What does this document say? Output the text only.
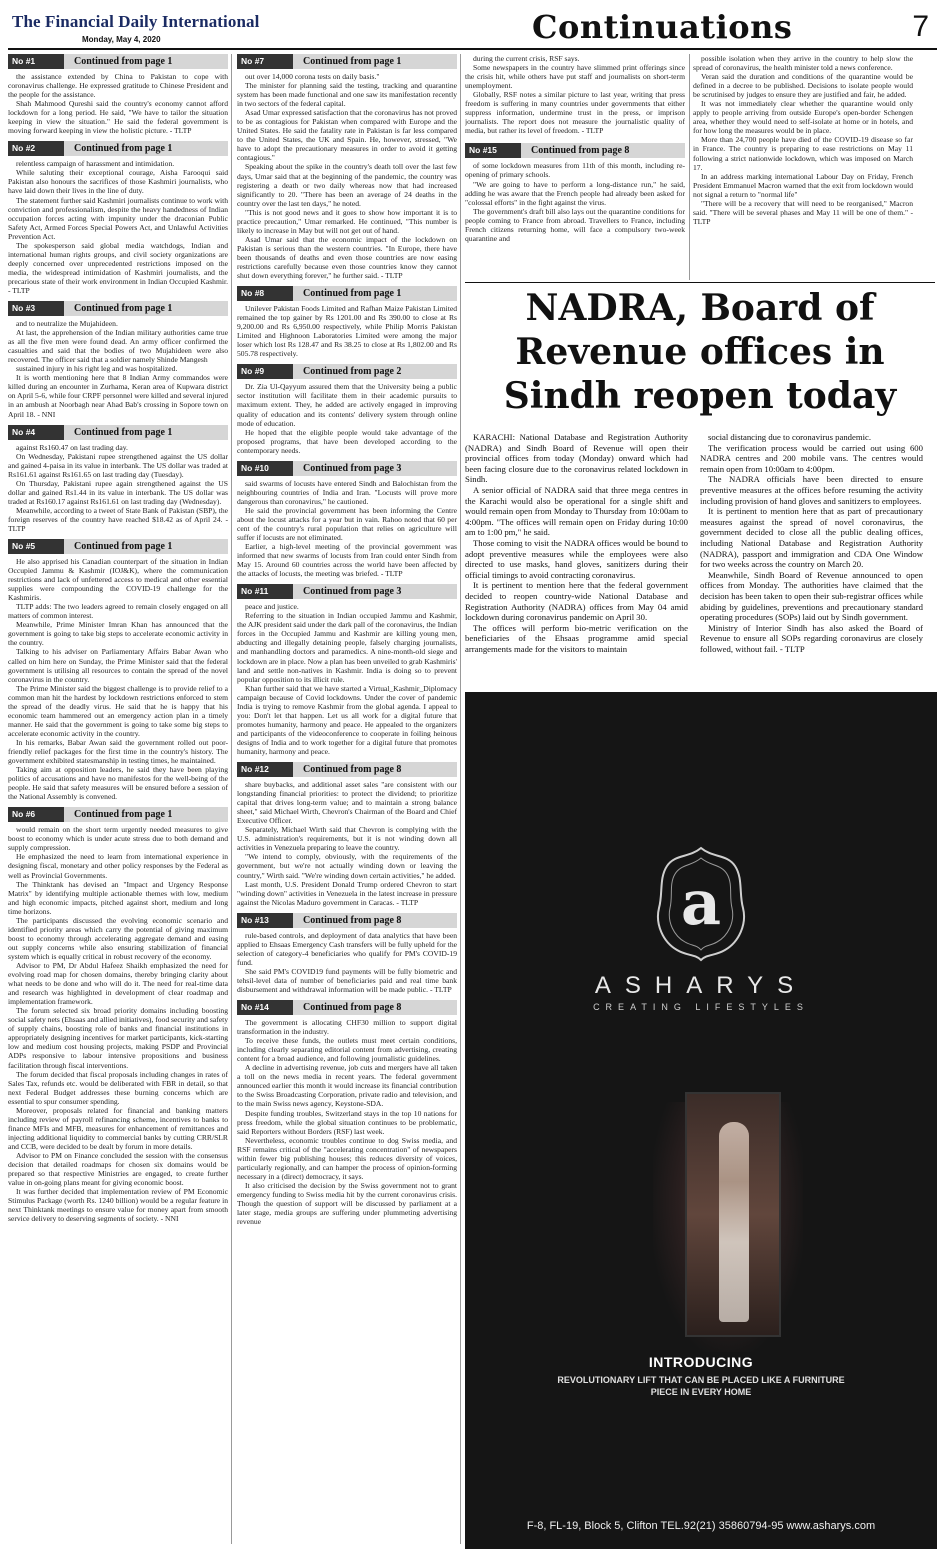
The Financial Daily International
Monday, May 4, 2020	Continuations	7
No #1	Continued from page 1

the assistance extended by China to Pakistan to cope with coronavirus challenge. He expressed gratitude to Chinese President and the people for the assistance.

Shah Mahmood Qureshi said the country's economy cannot afford lockdown for a long period. He said, "We have to tailor the situation keeping in view the situation." He said the federal government is moving forward keeping in view the holistic picture. - TLTP

No #2	Continued from page 1

relentless campaign of harassment and intimidation.

While saluting their exceptional courage, Aisha Farooqui said Pakistan also honours the sacrifices of those Kashmiri journalists, who have laid down their lives in the line of duty.

The statement further said Kashmiri journalists continue to work with conviction and professionalism, despite the heavy handedness of Indian occupation forces acting with impunity under the draconian Public Safety Act, Armed Forces Special Powers Act, and Unlawful Activities Prevention Act.

The spokesperson said global media watchdogs, Indian and international human rights groups, and civil society organizations are deeply concerned over unprecedented restrictions imposed on the media, the widespread intimidation of Kashmiri journalists, and the precarious state of their work environment in Indian Occupied Kashmir. - TLTP

No #3	Continued from page 1

and to neutralize the Mujahideen.

At last, the apprehension of the Indian military authorities came true as all the five men were found dead. An army officer confirmed the casualties and said that the bodies of two Mujahideen were also recovered. The officer said that a soldier namely Shinde Mangesh

sustained injury in his right leg and was hospitalized.

It is worth mentioning here that 8 Indian Army commandos were killed during an encounter in Zurhama, Keran area of Kupwara district on April 5-6, while four CRPF personnel were killed and several injured in an ambush at Noorbagh near Ahad Bab's crossing in Sopore town on April 18. - NNI

No #4	Continued from page 1

against Rs160.47 on last trading day.

On Wednesday, Pakistani rupee strengthened against the US dollar and gained 4-paisa in its value in interbank. The US dollar was traded at Rs161.61 against Rs161.65 on last trading day (Tuesday).

On Thursday, Pakistani rupee again strengthened against the US dollar and gained Rs1.44 in its value in interbank. The US dollar was traded at Rs160.17 against Rs161.61 on last trading day (Wednesday).

Meanwhile, according to a tweet of State Bank of Pakistan (SBP), the foreign reserves of the country have reached $18.42 as of April 24. - TLTP

No #5	Continued from page 1

He also apprised his Canadian counterpart of the situation in Indian Occupied Jammu & Kashmir (IOJ&K), where the communication restrictions and lack of unfettered access to medical and other essential supplies were compounding the COVID-19 challenge for the Kashmiris.

TLTP adds: The two leaders agreed to remain closely engaged on all matters of common interest.

Meanwhile, Prime Minister Imran Khan has announced that the government is going to take big steps to accelerate economic activity in the country.

Talking to his adviser on Parliamentary Affairs Babar Awan who called on him here on Sunday, the Prime Minister said that the federal government is utilising all resources to contain the spread of the novel coronavirus in the country.

The Prime Minister said the biggest challenge is to provide relief to a common man hit the hardest by lockdown restrictions enforced to stem the spread of the deadly virus. He said that he is happy that his economic team hammered out an emergency action plan in a timely manner. He said that the government is going to take some big steps to accelerate economic activity in the country.

In his remarks, Babar Awan said the government rolled out poor-friendly relief packages for the first time in the country's history. The government exhibited statesmanship in testing times, he maintained.

Taking aim at opposition leaders, he said they have been playing politics of accusations and have no manifestos for the well-being of the people. He said that safety measures will be ensured before a session of the National Assembly is convened.

No #6	Continued from page 1

would remain on the short term urgently needed measures to give boost to economy which is under acute stress due to both demand and supply compression.

He emphasized the need to learn from international experience in designing fiscal, monetary and other policy responses by the Federal as well as Provincial Governments.

The Thinktank has devised an "Impact and Urgency Response Matrix" by identifying multiple actionable themes with low, medium and high economic impacts, pitched against short, medium and long time horizons.

The participants discussed the evolving economic scenario and identified priority areas which carry the potential of giving maximum boost to economy through accelerating aggregate demand and easing out supply concerns while also ensuring stabilization of financial system which is equally critical in robust recovery of the economy.

Advisor to PM, Dr Abdul Hafeez Shaikh emphasized the need for evolving road map for chosen domains, thereby bringing clarity about what needs to be done and who will do it. The need for real-time data and research was highlighted in development of clear roadmap and implementation framework.

The forum selected six broad priority domains including boosting social safety nets (Ehsaas and allied initiatives), food security and safety of supply chains, boosting role of banks and financial institutions in appropriately designing incentives for market participants, kick-starting low and medium cost housing projects, making PSDP and Provincial ADPs responsive to labour intensive propositions and business facilitation through fiscal interventions.

The forum decided that fiscal proposals including changes in rates of Sales Tax, refunds etc. would be deliberated with FBR in detail, so that next Federal Budget addresses these burning concerns which are essential to spur consumer spending.

Moreover, proposals related for financial and banking matters including review of payroll refinancing scheme, incentives to banks to finance MFIs and MFB, measures for enhancement of remittances and injecting additional liquidity to commercial banks by cutting CRR/SLR and CCB, were decided to be dealt by forum in more details.

Advisor to PM on Finance concluded the session with the consensus decision that detailed roadmaps for chosen six domains would be prepared so that respective Ministries are engaged, to create further value in on-going plans meant for giving economic boost.

It was further decided that implementation review of PM Economic Stimulus Package (worth Rs. 1240 billion) would be a regular feature in next Thinktank meetings to ensure value for money apart from smooth service delivery to deserving segments of society. - NNI

No #7	Continued from page 1

out over 14,000 corona tests on daily basis."

The minister for planning said the testing, tracking and quarantine system has been made functional and one saw its manifestation recently in two sectors of the federal capital.

Asad Umar expressed satisfaction that the coronavirus has not proved to be as contagious for Pakistan when compared with Europe and the United States. He said the fatality rate in Pakistan is far less compared to the United States, the UK and Spain. He, however, stressed, "We have to adopt the precautionary measures in order to avoid it getting contagious."

Speaking about the spike in the country's death toll over the last few days, Umar said that at the beginning of the pandemic, the country was registering a death or two daily whereas now that had increased significantly to 20. "There has been an average of 24 deaths in the country over the last ten days," he noted.

"This is not good news and it goes to show how important it is to practice precaution," Umar remarked. He continued, "This number is likely to increase in May but will not get out of hand.

Asad Umar said that the economic impact of the lockdown on Pakistan is serious than the western countries. "In Europe, there have been thousands of deaths and even those countries are now easing restrictions carefully because even those countries know they cannot shut down everything forever," he further said. - TLTP

No #8	Continued from page 1

Unilever Pakistan Foods Limited and Rafhan Maize Pakistan Limited remained the top gainer by Rs 1201.00 and Rs 390.00 to close at Rs 9,200.00 and Rs 6,950.00 respectively, while Philip Morris Pakistan Limited and Highnoon Laboratories Limited were among the major loser which lost Rs 128.47 and Rs 38.25 to close at Rs 1,802.00 and Rs 505.78 respectively.

No #9	Continued from page 2

Dr. Zia Ul-Qayyum assured them that the University being a public sector institution will facilitate them in their academic pursuits to maximum extent. They, he added are actively engaged in improving quality of education and its contents' delivery system through online mode of education.

He hoped that the eligible people would take advantage of the proposed programs, that have been developed according to the contemporary needs.

No #10	Continued from page 3

said swarms of locusts have entered Sindh and Balochistan from the neighbouring countries of India and Iran. "Locusts will prove more dangerous than coronavirus," he cautioned.

He said the provincial government has been informing the Centre about the locust attacks for a year but in vain. Rahoo noted that 60 per cent of the country's rural population that relies on agriculture will suffer if locusts are not eliminated.

Earlier, a high-level meeting of the provincial government was informed that new swarms of locusts from Iran could enter Sindh from May 15. Around 60 countries across the world have been affected by the attacks of locusts, the meeting was briefed. - TLTP

No #11	Continued from page 3

peace and justice.

Referring to the situation in Indian occupied Jammu and Kashmir, the AJK president said under the dark pall of the coronavirus, the Indian forces in the Occupied Jammu and Kashmir are killing young men, abducting and illegally detaining people, falsely charging journalists, and manhandling doctors and paramedics. A nine-month-old siege and lockdown are in place. Now a plan has been unveiled to grab Kashmiris' land and settle non-natives in Kashmir. India is doing so to prevent popular opposition to its illicit rule.

Khan further said that we have started a Virtual_Kashmir_Diplomacy campaign because of Covid lockdowns. Under the cover of pandemic India is trying to remove Kashmir from the global agenda. I appeal to you: Don't let that happen. Let us all work for a digital future that promotes humanity, harmony and peace. He appealed to the organizers and participants of the videoconference to cooperate in foiling heinous designs of India and to work together for a digital future that promotes humanity, harmony and peace.

No #12	Continued from page 8

share buybacks, and additional asset sales "are consistent with our longstanding financial priorities: to protect the dividend; to prioritize capital that drives long-term value; and to maintain a strong balance sheet," said Michael Wirth, Chevron's Chairman of the Board and Chief Executive Officer.

Separately, Michael Wirth said that Chevron is complying with the U.S. administration's requirements, but it is not winding down all activities in Venezuela preparing to leave the country.

"We intend to comply, obviously, with the requirements of the government, but we're not actually winding down or leaving the country," Wirth said. "We're winding down certain activities," he added.

Last month, U.S. President Donald Trump ordered Chevron to start "winding down" activities in Venezuela in the latest increase in pressure against the Nicolas Maduro government in Caracas. - TLTP

No #13	Continued from page 8

rule-based controls, and deployment of data analytics that have been applied to Ehsaas Emergency Cash transfers will be fully upheld for the selection of category-4 beneficiaries who qualify for PM's COVID-19 fund.

She said PM's COVID19 fund payments will be fully biometric and tehsil-level data of number of beneficiaries paid and real time bank disbursement and withdrawal information will be made public. - TLTP

No #14	Continued from page 8

The government is allocating CHF30 million to support digital transformation in the industry.

To receive these funds, the outlets must meet certain conditions, including clearly separating editorial content from advertising, creating content for a broad audience, and following journalistic guidelines.

A decline in advertising revenue, job cuts and mergers have all taken a toll on the news media in recent years. The federal government announced earlier this month it would increase its financial contribution to the Swiss Broadcasting Corporation, private radio and television, and to the main Swiss news agency, Keystone-SDA.

Despite funding troubles, Switzerland stays in the top 10 nations for press freedom, while the global situation continues to be problematic, said Reporters without Borders (RSF) last week.

Nevertheless, economic troubles continue to dog Swiss media, and RSF remains critical of the "accelerating concentration" of newspapers within fewer big publishing houses; this reduces diversity of voices, particularly regionally, and can hamper the process of opinion-forming necessary in a (direct) democracy, it says.

It also criticised the decision by the Swiss government not to grant emergency funding to Swiss media hit by the current coronavirus crisis. Though the question of support will be discussed by parliament at a later stage, media groups are suffering under plummeting advertising revenue

during the current crisis, RSF says.

Some newspapers in the country have slimmed print offerings since the crisis hit, while others have put staff and journalists on short-term unemployment.

Globally, RSF notes a similar picture to last year, writing that press freedom is suffering in many countries under governments that either suppress information, undermine trust in the press, or imprison journalists. The report does not measure the journalistic quality of media, but rather its level of freedom. - TLTP

No #15	Continued from page 8

of some lockdown measures from 11th of this month, including re-opening of primary schools.

"We are going to have to perform a long-distance run," he said, adding he was aware that the French people had already been asked for "colossal efforts" in the fight against the virus.

The government's draft bill also lays out the quarantine conditions for people coming to France from abroad. Travellers to France, including French citizens returning home, will face a compulsory two-week quarantine and

possible isolation when they arrive in the country to help slow the spread of coronavirus, the health minister told a news conference.

Veran said the duration and conditions of the quarantine would be defined in a decree to be published. Decisions to isolate people would be scrutinised by judges to ensure they are justified and fair, he added.

It was not immediately clear whether the quarantine would only apply to people arriving from outside Europe's open-border Schengen area, whether they would need to self-isolate at home or in hotels, and for how long the measures would be in place.

More than 24,700 people have died of the COVID-19 disease so far in France. The country is preparing to ease restrictions on May 11 following a strict nationwide lockdown, which was imposed on March 17.

In an address marking international Labour Day on Friday, French President Emmanuel Macron warned that the exit from lockdown would not signal a return to "normal life"

"There will be a recovery that will need to be reorganised," Macron said. "There will be several phases and May 11 will be one of them." - TLTP

NADRA, Board of Revenue offices in Sindh reopen today

KARACHI: National Database and Registration Authority (NADRA) and Sindh Board of Revenue will open their provincial offices from today (Monday) onward which had been facing closure due to the coronavirus related lockdown in Sindh.

A senior official of NADRA said that three mega centres in the Karachi would also be operational for a single shift and would remain open from Monday to Thursday from 10:00am to 4:00pm. "The offices will remain open on Friday during 10:00 am to 1:00 pm," he said.

Those coming to visit the NADRA offices would be bound to adopt preventive measures while the employees were also directed to use masks, hand gloves, sanitizers during their official timings to avoid contracting coronavirus.

It is pertinent to mention here that the federal government decided to reopen country-wide National Database and Registration Authority (NADRA) offices from May 04 amid lockdown during coronavirus pandemic on April 30.

The offices will perform bio-metric verification on the beneficiaries of the Ehsaas programme amid special arrangements made for the visitors to maintain

social distancing due to coronavirus pandemic.

The verification process would be carried out using 600 NADRA centres and 200 mobile vans. The centres would remain open from 10:00am to 4:00pm.

The NADRA officials have been directed to ensure preventive measures at the offices before resuming the activity including provision of hand gloves and sanitizers to employees.

It is pertinent to mention here that as part of precautionary measures against the spread of novel coronavirus, the government decided to close all the public dealing offices, including National Database and Registration Authority (NADRA), passport and immigration and CDA One Window for two weeks across the country on March 20.

Meanwhile, Sindh Board of Revenue announced to open offices from Monday. The authorities have claimed that the decision has been taken to open their sub-registrar offices while abiding by guidelines, preventions and precautionary standard operating procedures (SOPs) laid out by Sindh government.

Ministry of Interior Sindh has also asked the Board of Revenue to ensure all SOPs regarding coronavirus are closely followed, without fail. - TLTP

a
ASHARYS
CREATING LIFESTYLES
INTRODUCING
REVOLUTIONARY LIFT THAT CAN BE PLACED LIKE A FURNITURE PIECE IN EVERY HOME
F-8, FL-19, Block 5, Clifton TEL.92(21) 35860794-95 www.asharys.com
